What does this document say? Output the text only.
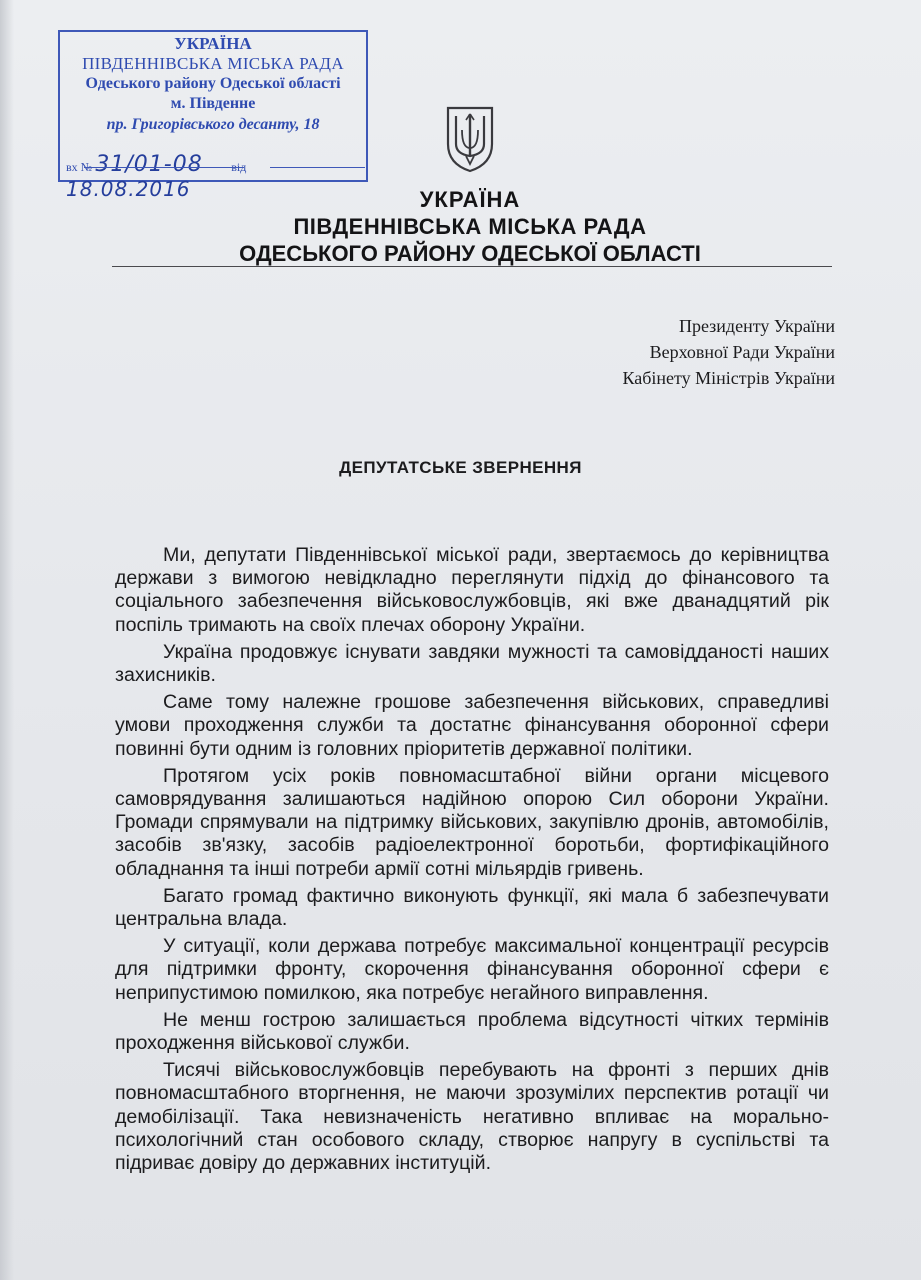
УКРАЇНА
ПІВДЕННІВСЬКА МІСЬКА РАДА
Одеського району Одеської області
м. Південне
пр. Григорівського десанту, 18
вх № 31/01-08 від 18.08.2016	УКРАЇНА
ПІВДЕННІВСЬКА МІСЬКА РАДА
ОДЕСЬКОГО РАЙОНУ ОДЕСЬКОЇ ОБЛАСТІ
Президенту України
Верховної Ради України
Кабінету Міністрів України
ДЕПУТАТСЬКЕ ЗВЕРНЕННЯ

Ми, депутати Південнівської міської ради, звертаємось до керівництва держави з вимогою невідкладно переглянути підхід до фінансового та соціального забезпечення військовослужбовців, які вже дванадцятий рік поспіль тримають на своїх плечах оборону України.

Україна продовжує існувати завдяки мужності та самовідданості наших захисників.

Саме тому належне грошове забезпечення військових, справедливі умови проходження служби та достатнє фінансування оборонної сфери повинні бути одним із головних пріоритетів державної політики.

Протягом усіх років повномасштабної війни органи місцевого самоврядування залишаються надійною опорою Сил оборони України. Громади спрямували на підтримку військових, закупівлю дронів, автомобілів, засобів зв'язку, засобів радіоелектронної боротьби, фортифікаційного обладнання та інші потреби армії сотні мільярдів гривень.

Багато громад фактично виконують функції, які мала б забезпечувати центральна влада.

У ситуації, коли держава потребує максимальної концентрації ресурсів для підтримки фронту, скорочення фінансування оборонної сфери є неприпустимою помилкою, яка потребує негайного виправлення.

Не менш гострою залишається проблема відсутності чітких термінів проходження військової служби.

Тисячі військовослужбовців перебувають на фронті з перших днів повномасштабного вторгнення, не маючи зрозумілих перспектив ротації чи демобілізації. Така невизначеність негативно впливає на морально-психологічний стан особового складу, створює напругу в суспільстві та підриває довіру до державних інституцій.
